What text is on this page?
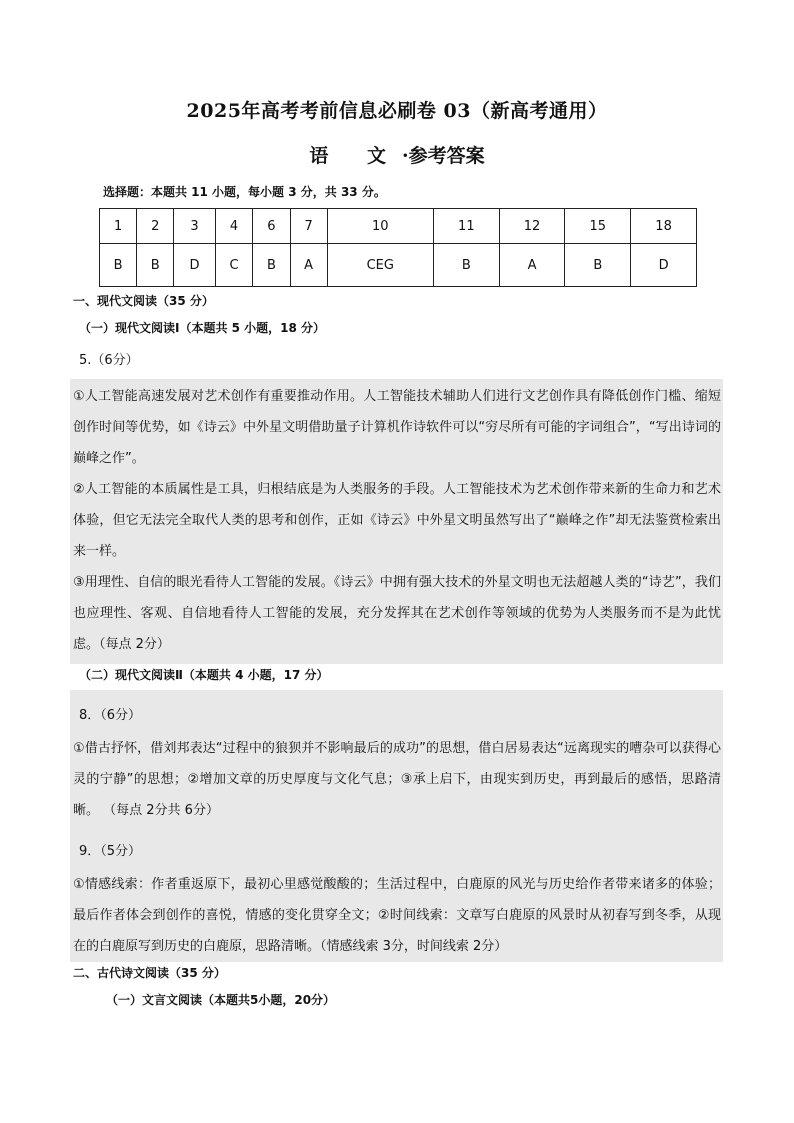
2025年高考考前信息必刷卷 03（新高考通用）
语 文·参考答案
选择题：本题共 11 小题，每小题 3 分，共 33 分。
1	2	3	4	6	7	10	11	12	15	18
B	B	D	C	B	A	CEG	B	A	B	D
一、现代文阅读（35 分）
（一）现代文阅读Ⅰ（本题共 5 小题，18 分）
5.（6分）

①人工智能高速发展对艺术创作有重要推动作用。人工智能技术辅助人们进行文艺创作具有降低创作门槛、缩短创作时间等优势，如《诗云》中外星文明借助量子计算机作诗软件可以“穷尽所有可能的字词组合”，“写出诗词的巅峰之作”。

②人工智能的本质属性是工具，归根结底是为人类服务的手段。人工智能技术为艺术创作带来新的生命力和艺术体验，但它无法完全取代人类的思考和创作，正如《诗云》中外星文明虽然写出了“巅峰之作”却无法鉴赏检索出来一样。

③用理性、自信的眼光看待人工智能的发展。《诗云》中拥有强大技术的外星文明也无法超越人类的“诗艺”，我们也应理性、客观、自信地看待人工智能的发展，充分发挥其在艺术创作等领域的优势为人类服务而不是为此忧虑。（每点 2分）

（二）现代文阅读Ⅱ（本题共 4 小题，17 分）
8．（6分）

①借古抒怀，借刘邦表达“过程中的狼狈并不影响最后的成功”的思想，借白居易表达“远离现实的嘈杂可以获得心灵的宁静”的思想；②增加文章的历史厚度与文化气息；③承上启下，由现实到历史，再到最后的感悟，思路清晰。 （每点 2分共 6分）

9．（5分）

①情感线索：作者重返原下，最初心里感觉酸酸的；生活过程中，白鹿原的风光与历史给作者带来诸多的体验；最后作者体会到创作的喜悦，情感的变化贯穿全文；②时间线索：文章写白鹿原的风景时从初春写到冬季，从现在的白鹿原写到历史的白鹿原，思路清晰。（情感线索 3分，时间线索 2分）

二、古代诗文阅读（35 分）
（一）文言文阅读（本题共5小题，20分）
